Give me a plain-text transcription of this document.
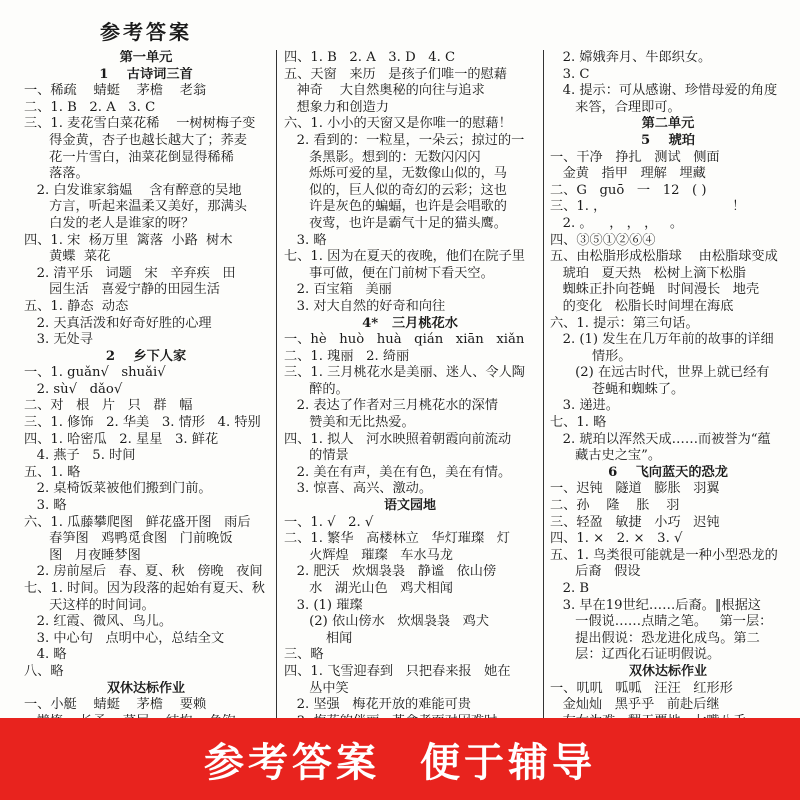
参考答案
第一单元
1    古诗词三首
一、稀疏    蜻蜓    茅檐    老翁
二、1. B   2. A   3. C
三、1. 麦花雪白菜花稀    一树树梅子变
得金黄，杏子也越长越大了；荞麦
花一片雪白，油菜花倒显得稀稀
落落。
2. 白发谁家翁媪    含有醉意的吴地
方言，听起来温柔又美好，那满头
白发的老人是谁家的呀？
四、1. 宋  杨万里  篱落  小路  树木
黄蝶  菜花
2. 清平乐   词题   宋   辛弃疾   田
园生活   喜爱宁静的田园生活
五、1. 静态  动态
2. 天真活泼和好奇好胜的心理
3. 无处寻
2    乡下人家
一、1. guǎn√   shuǎi√
2. sù√   dǎo√
二、对   根   片   只   群   幅
三、1. 修饰   2. 华美   3. 情形   4. 特别
四、1. 哈密瓜   2. 星星   3. 鲜花
4. 燕子   5. 时间
五、1. 略
2. 桌椅饭菜被他们搬到门前。
3. 略
六、1. 瓜藤攀爬图   鲜花盛开图   雨后
春笋图   鸡鸭觅食图   门前晚饭
图   月夜睡梦图
2. 房前屋后   春、夏、秋   傍晚   夜间
七、1. 时间。因为段落的起始有夏天、秋
天这样的时间词。
2. 红霞、微风、鸟儿。
3. 中心句   点明中心，总结全文
4. 略
八、略
双休达标作业
一、小艇    蜻蜓    茅檐    要赖
四、1. B   2. A   3. D   4. C
五、天窗   来历   是孩子们唯一的慰藉
神奇    大自然奥秘的向往与追求
想象力和创造力
六、1. 小小的天窗又是你唯一的慰藉！
2. 看到的：一粒星，一朵云；掠过的一
条黑影。想到的：无数闪闪闪
烁烁可爱的星，无数像山似的，马
似的，巨人似的奇幻的云彩；这也
许是灰色的蝙蝠，也许是会唱歌的
夜莺，也许是霸气十足的猫头鹰。
3. 略
七、1. 因为在夏天的夜晚，他们在院子里
事可做，便在门前树下看天空。
2. 百宝箱   美丽
3. 对大自然的好奇和向往
4*   三月桃花水
一、hè   huò   huà   qián   xiān   xiǎn
二、1. 瑰丽   2. 绮丽
三、1. 三月桃花水是美丽、迷人、令人陶
醉的。
2. 表达了作者对三月桃花水的深情
赞美和无比热爱。
四、1. 拟人   河水映照着朝霞向前流动
的情景
2. 美在有声，美在有色，美在有情。
3. 惊喜、高兴、激动。
语文园地
一、1. √   2. √
二、1. 繁华   高楼林立   华灯璀璨   灯
火辉煌   璀璨   车水马龙
2. 肥沃   炊烟袅袅   静谧   依山傍
水   湖光山色   鸡犬相闻
3. (1) 璀璨
(2) 依山傍水   炊烟袅袅   鸡犬
相闻
三、略
四、1. 飞雪迎春到   只把春来报   她在
丛中笑
2. 坚强   梅花开放的难能可贵
2. 嫦娥奔月、牛郎织女。
3. C
4. 提示：可从感谢、珍惜母爱的角度
来答，合理即可。
第二单元
5    琥珀
一、干净   挣扎   测试   侧面
金黄   指甲   理解   埋藏
二、G   guō   一   12   ( )
三、1. ，                              ！
2. 。    ， ， ，   。
四、③⑤①②⑥④
五、由松脂形成松脂球    由松脂球变成
琥珀   夏天热   松树上滴下松脂
蜘蛛正扑向苍蝇   时间漫长   地壳
的变化   松脂长时间埋在海底
六、1. 提示：第三句话。
2. (1) 发生在几万年前的故事的详细
情形。
(2) 在远古时代，世界上就已经有
苍蝇和蜘蛛了。
3. 递进。
七、1. 略
2. 琥珀以浑然天成……而被誉为“蕴
藏古史之宝”。
6    飞向蓝天的恐龙
一、迟钝   隧道   膨胀   羽翼
二、孙    隆    胀    羽
三、轻盈   敏捷   小巧   迟钝
四、1. ×   2. ×   3. √
五、1. 鸟类很可能就是一种小型恐龙的
后裔   假设
2. B
3. 早在19世纪……后裔。‖根据这
一假说……点睛之笔。   第一层：
提出假说：恐龙进化成鸟。第二
层：辽西化石证明假说。
双休达标作业
一、叽叽   呱呱   汪汪   红形形
金灿灿   黑乎乎   前赴后继
参考答案 便于辅导
